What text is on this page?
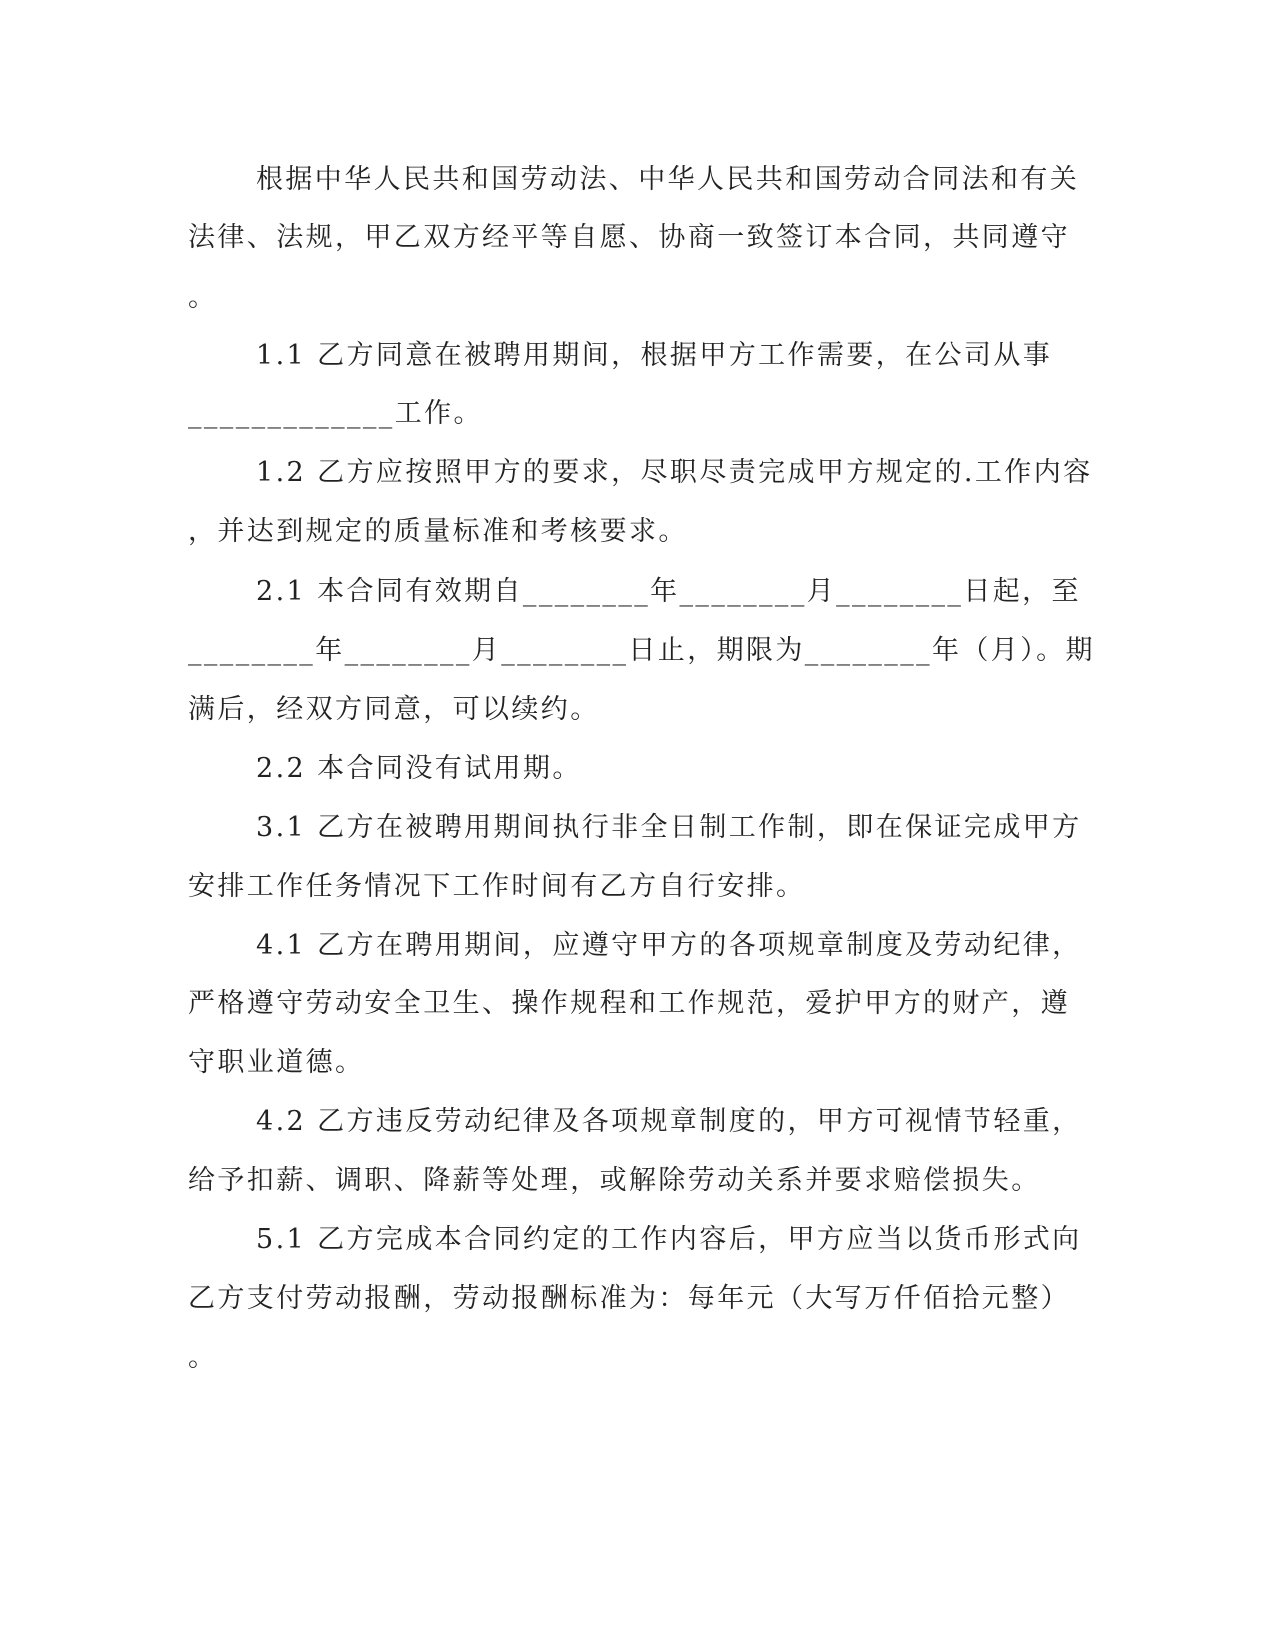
根据中华人民共和国劳动法、中华人民共和国劳动合同法和有关
法律、法规，甲乙双方经平等自愿、协商一致签订本合同，共同遵守
。
1.1 乙方同意在被聘用期间，根据甲方工作需要，在公司从事
_____________工作。
1.2 乙方应按照甲方的要求，尽职尽责完成甲方规定的.工作内容
，并达到规定的质量标准和考核要求。
2.1 本合同有效期自________年________月________日起，至
________年________月________日止，期限为________年（月）。期
满后，经双方同意，可以续约。
2.2 本合同没有试用期。
3.1 乙方在被聘用期间执行非全日制工作制，即在保证完成甲方
安排工作任务情况下工作时间有乙方自行安排。
4.1 乙方在聘用期间，应遵守甲方的各项规章制度及劳动纪律，
严格遵守劳动安全卫生、操作规程和工作规范，爱护甲方的财产，遵
守职业道德。
4.2 乙方违反劳动纪律及各项规章制度的，甲方可视情节轻重，
给予扣薪、调职、降薪等处理，或解除劳动关系并要求赔偿损失。
5.1 乙方完成本合同约定的工作内容后，甲方应当以货币形式向
乙方支付劳动报酬，劳动报酬标准为：每年元（大写万仟佰拾元整）
。
